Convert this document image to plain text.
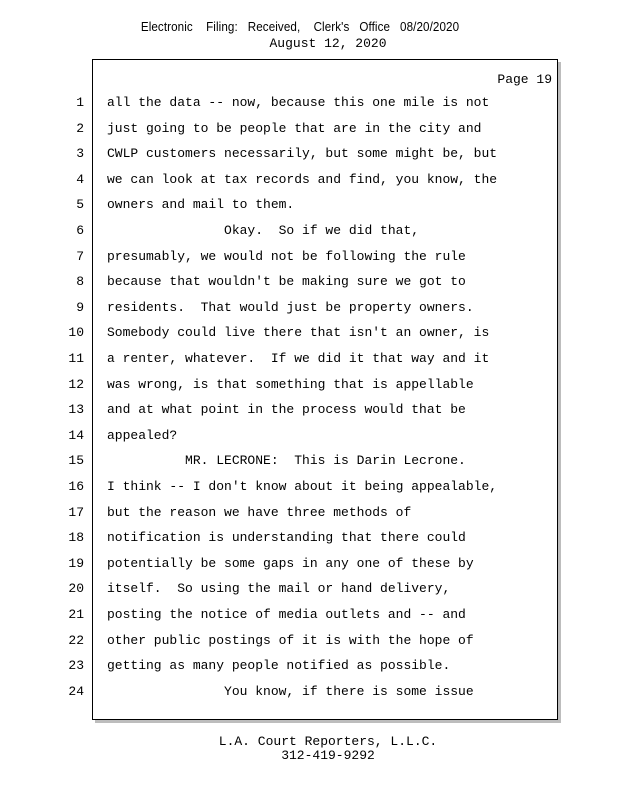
Electronic    Filing:   Received,    Clerk's   Office   08/20/2020
August 12, 2020
Page 19
1 all the data -- now, because this one mile is not
2 just going to be people that are in the city and
3 CWLP customers necessarily, but some might be, but
4 we can look at tax records and find, you know, the
5 owners and mail to them.
6 Okay.  So if we did that,
7 presumably, we would not be following the rule
8 because that wouldn't be making sure we got to
9 residents.  That would just be property owners.
10 Somebody could live there that isn't an owner, is
11 a renter, whatever.  If we did it that way and it
12 was wrong, is that something that is appellable
13 and at what point in the process would that be
14 appealed?
15 MR. LECRONE:  This is Darin Lecrone.
16 I think -- I don't know about it being appealable,
17 but the reason we have three methods of
18 notification is understanding that there could
19 potentially be some gaps in any one of these by
20 itself.  So using the mail or hand delivery,
21 posting the notice of media outlets and -- and
22 other public postings of it is with the hope of
23 getting as many people notified as possible.
24 You know, if there is some issue
L.A. Court Reporters, L.L.C.
312-419-9292
